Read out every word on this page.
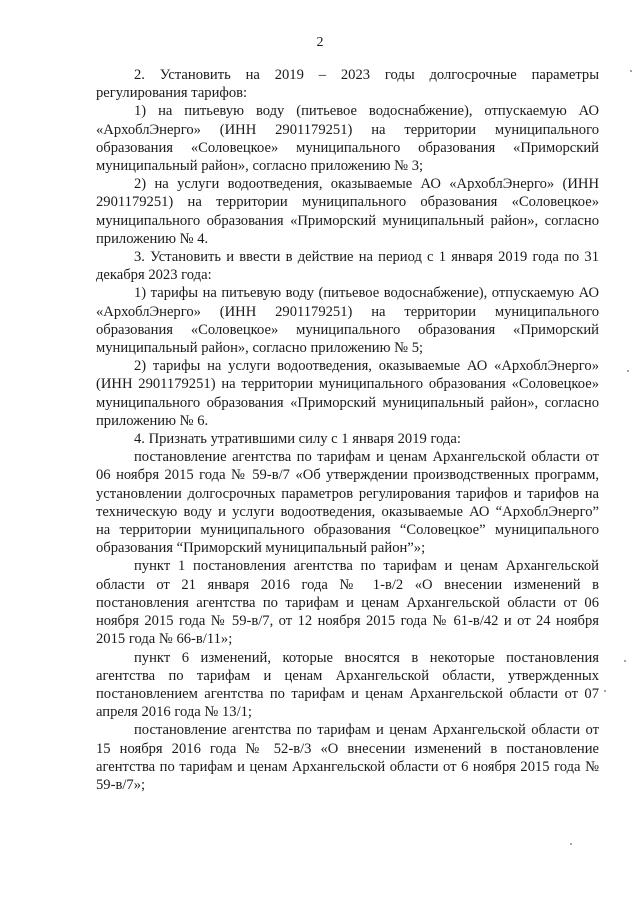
2

2. Установить на 2019 – 2023 годы долгосрочные параметры регулирования тарифов:

1) на питьевую воду (питьевое водоснабжение), отпускаемую АО «АрхоблЭнерго» (ИНН 2901179251) на территории муниципального образования «Соловецкое» муниципального образования «Приморский муниципальный район», согласно приложению № 3;

2) на услуги водоотведения, оказываемые АО «АрхоблЭнерго» (ИНН 2901179251) на территории муниципального образования «Соловецкое» муниципального образования «Приморский муниципальный район», согласно приложению № 4.

3. Установить и ввести в действие на период с 1 января 2019 года по 31 декабря 2023 года:

1) тарифы на питьевую воду (питьевое водоснабжение), отпускаемую АО «АрхоблЭнерго» (ИНН 2901179251) на территории муниципального образования «Соловецкое» муниципального образования «Приморский муниципальный район», согласно приложению № 5;

2) тарифы на услуги водоотведения, оказываемые АО «АрхоблЭнерго» (ИНН 2901179251) на территории муниципального образования «Соловецкое» муниципального образования «Приморский муниципальный район», согласно приложению № 6.

4. Признать утратившими силу с 1 января 2019 года:

постановление агентства по тарифам и ценам Архангельской области от 06 ноября 2015 года № 59-в/7 «Об утверждении производственных программ, установлении долгосрочных параметров регулирования тарифов и тарифов на техническую воду и услуги водоотведения, оказываемые АО “АрхоблЭнерго” на территории муниципального образования “Соловецкое” муниципального образования “Приморский муниципальный район”»;

пункт 1 постановления агентства по тарифам и ценам Архангельской области от 21 января 2016 года № 1-в/2 «О внесении изменений в постановления агентства по тарифам и ценам Архангельской области от 06 ноября 2015 года № 59-в/7, от 12 ноября 2015 года № 61-в/42 и от 24 ноября 2015 года № 66-в/11»;

пункт 6 изменений, которые вносятся в некоторые постановления агентства по тарифам и ценам Архангельской области, утвержденных постановлением агентства по тарифам и ценам Архангельской области от 07 апреля 2016 года № 13/1;

постановление агентства по тарифам и ценам Архангельской области от 15 ноября 2016 года № 52-в/3 «О внесении изменений в постановление агентства по тарифам и ценам Архангельской области от 6 ноября 2015 года № 59-в/7»;
